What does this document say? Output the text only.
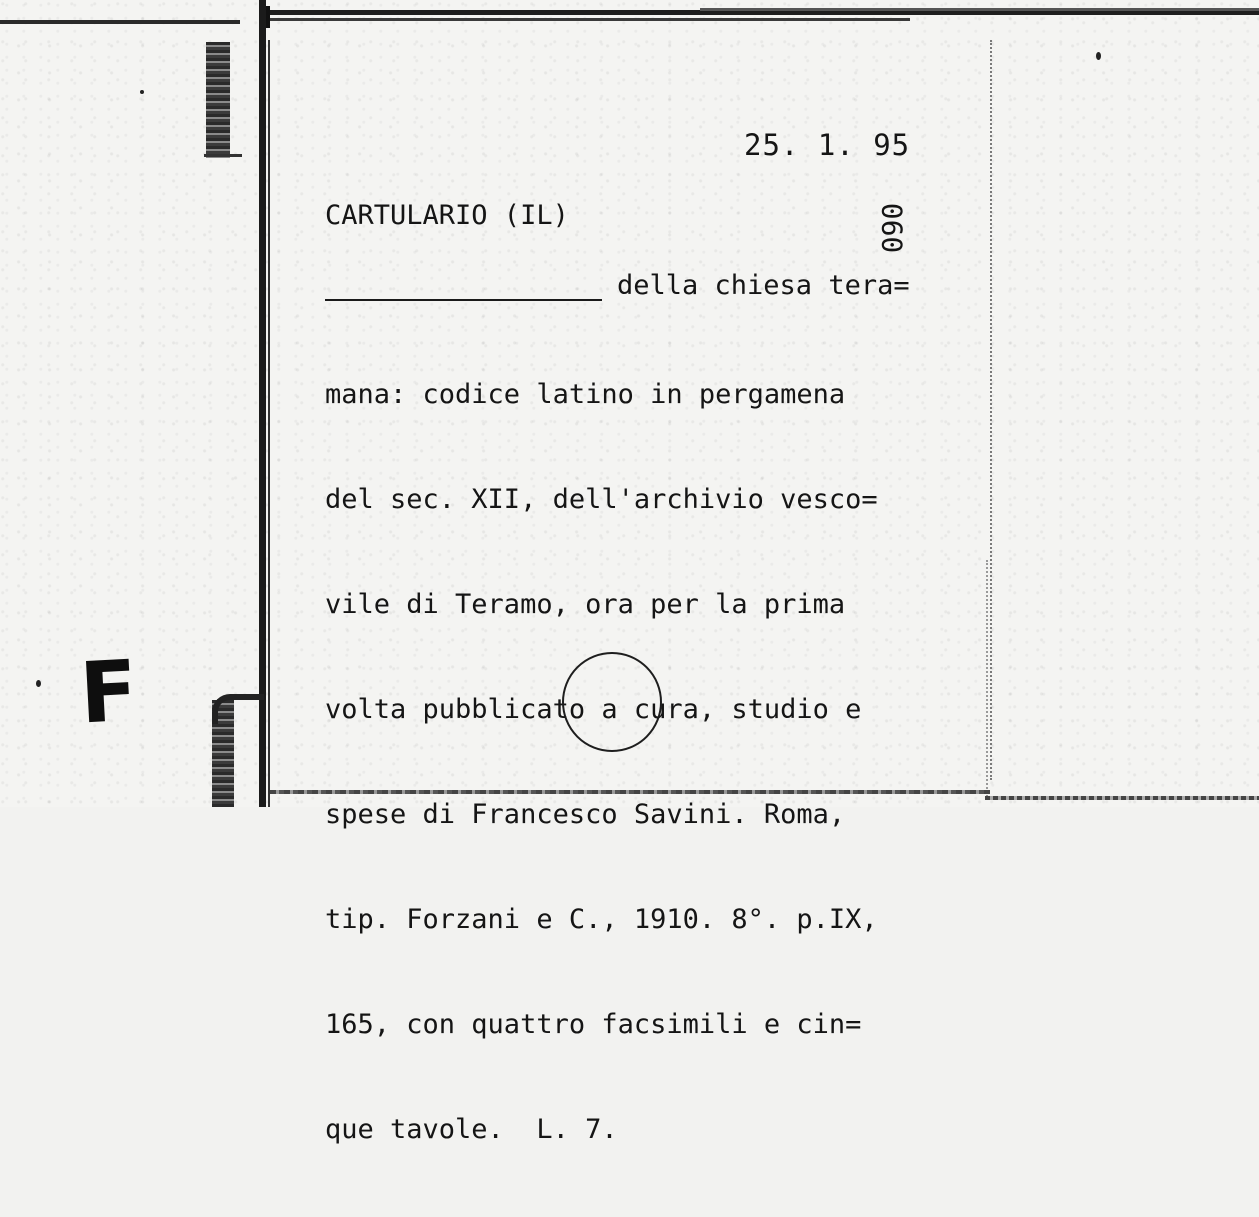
F
25. 1. 95
CARTULARIO (IL)	090
della chiesa tera=

mana: codice latino in pergamena

del sec. XII, dell'archivio vesco=

vile di Teramo, ora per la prima

volta pubblicato a cura, studio e

spese di Francesco Savini. Roma,

tip. Forzani e C., 1910. 8°. p.IX,

165, con quattro facsimili e cin=

que tavole.  L. 7.
